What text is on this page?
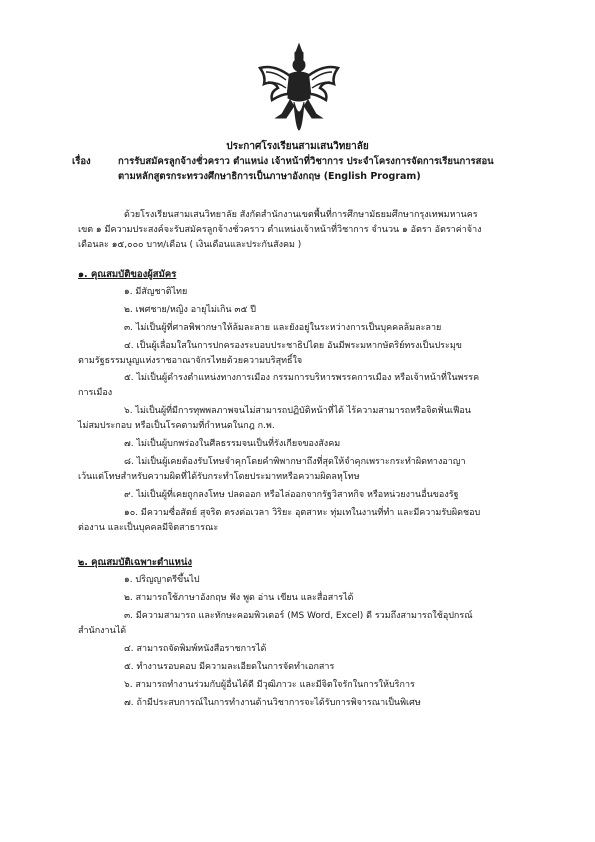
ประกาศโรงเรียนสามเสนวิทยาลัย
เรื่อง	การรับสมัครลูกจ้างชั่วคราว ตำแหน่ง เจ้าหน้าที่วิชาการ ประจำโครงการจัดการเรียนการสอน
ตามหลักสูตรกระทรวงศึกษาธิการเป็นภาษาอังกฤษ (English Program)
ด้วยโรงเรียนสามเสนวิทยาลัย สังกัดสำนักงานเขตพื้นที่การศึกษามัธยมศึกษากรุงเทพมหานคร
เขต ๑ มีความประสงค์จะรับสมัครลูกจ้างชั่วคราว ตำแหน่งเจ้าหน้าที่วิชาการ จำนวน ๑ อัตรา อัตราค่าจ้าง
เดือนละ ๑๕,๐๐๐ บาท/เดือน ( เงินเดือนและประกันสังคม )
๑. คุณสมบัติของผู้สมัคร
๑. มีสัญชาติไทย
๒. เพศชาย/หญิง อายุไม่เกิน ๓๕ ปี
๓. ไม่เป็นผู้ที่ศาลพิพากษาให้ล้มละลาย และยังอยู่ในระหว่างการเป็นบุคคลล้มละลาย
๔. เป็นผู้เลื่อมใสในการปกครองระบอบประชาธิปไตย อันมีพระมหากษัตริย์ทรงเป็นประมุข
ตามรัฐธรรมนูญแห่งราชอาณาจักรไทยด้วยความบริสุทธิ์ใจ
๕. ไม่เป็นผู้ดำรงตำแหน่งทางการเมือง กรรมการบริหารพรรคการเมือง หรือเจ้าหน้าที่ในพรรค
การเมือง
๖. ไม่เป็นผู้ที่มีการทุพพลภาพจนไม่สามารถปฏิบัติหน้าที่ได้ ไร้ความสามารถหรือจิตฟั่นเฟือน
ไม่สมประกอบ หรือเป็นโรคตามที่กำหนดในกฎ ก.พ.
๗. ไม่เป็นผู้บกพร่องในศีลธรรมจนเป็นที่รังเกียจของสังคม
๘. ไม่เป็นผู้เคยต้องรับโทษจำคุกโดยคำพิพากษาถึงที่สุดให้จำคุกเพราะกระทำผิดทางอาญา
เว้นแต่โทษสำหรับความผิดที่ได้รับกระทำโดยประมาทหรือความผิดลหุโทษ
๙. ไม่เป็นผู้ที่เคยถูกลงโทษ ปลดออก หรือไล่ออกจากรัฐวิสาหกิจ หรือหน่วยงานอื่นของรัฐ
๑๐. มีความซื่อสัตย์ สุจริต ตรงต่อเวลา วิริยะ อุตสาหะ ทุ่มเทในงานที่ทำ และมีความรับผิดชอบ
ต่องาน และเป็นบุคคลมีจิตสาธารณะ
๒. คุณสมบัติเฉพาะตำแหน่ง
๑. ปริญญาตรีขึ้นไป
๒. สามารถใช้ภาษาอังกฤษ ฟัง พูด อ่าน เขียน และสื่อสารได้
๓. มีความสามารถ และทักษะคอมพิวเตอร์ (MS Word, Excel) ดี รวมถึงสามารถใช้อุปกรณ์
สำนักงานได้
๔. สามารถจัดพิมพ์หนังสือราชการได้
๕. ทำงานรอบคอบ มีความละเอียดในการจัดทำเอกสาร
๖. สามารถทำงานร่วมกับผู้อื่นได้ดี มีวุฒิภาวะ และมีจิตใจรักในการให้บริการ
๗. ถ้ามีประสบการณ์ในการทำงานด้านวิชาการจะได้รับการพิจารณาเป็นพิเศษ
